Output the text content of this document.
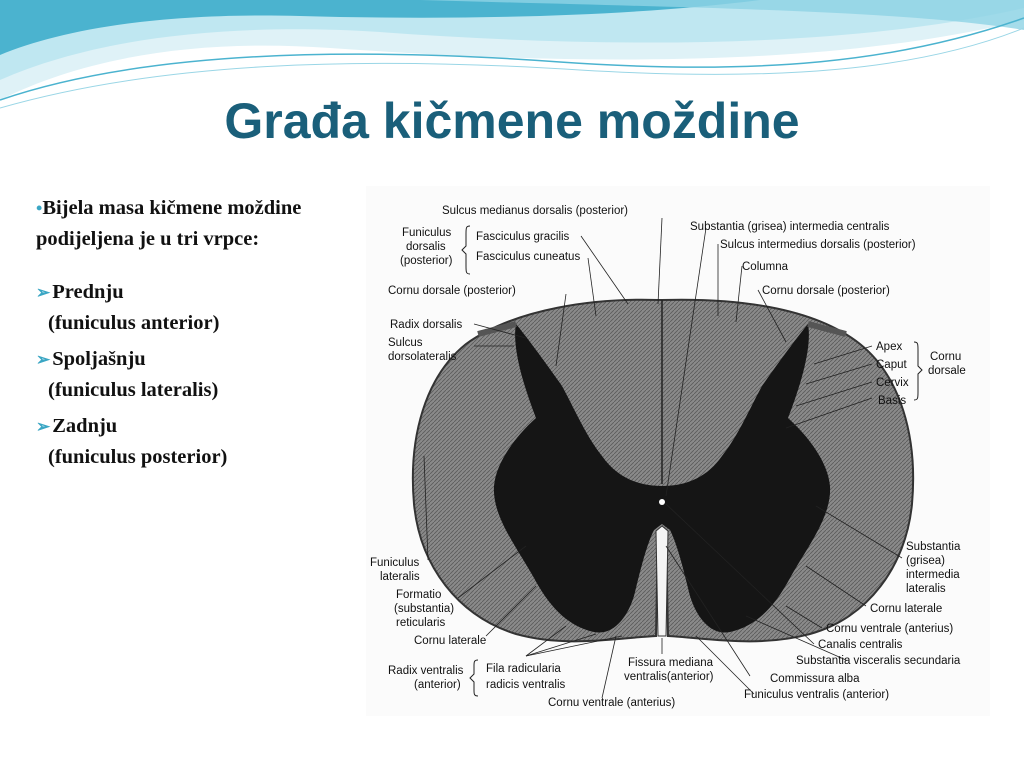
Građa kičmene moždine

•Bijela masa kičmene moždine podijeljena je u tri vrpce:

➢Prednju

(funiculus anterior)

➢Spoljašnju

(funiculus lateralis)

➢Zadnju

(funiculus posterior)

Sulcus medianus dorsalis (posterior)
Funiculus
dorsalis
(posterior)
Fasciculus gracilis
Fasciculus cuneatus
Substantia (grisea) intermedia centralis
Sulcus intermedius dorsalis (posterior)
Columna
Cornu dorsale (posterior)	Cornu dorsale (posterior)
Radix dorsalis
Sulcus
dorsolateralis
Apex
Caput
Cervix
Basis
Cornu
dorsale
Funiculus
lateralis
Formatio
(substantia)
reticularis
Cornu laterale
Substantia
(grisea)
intermedia
lateralis
Cornu laterale
Cornu ventrale (anterius)
Canalis centralis
Substantia visceralis secundaria
Radix ventralis
(anterior)
Fila radicularia
radicis ventralis
Fissura mediana
ventralis(anterior)	Commissura alba
Funiculus ventralis (anterior)
Cornu ventrale (anterius)
